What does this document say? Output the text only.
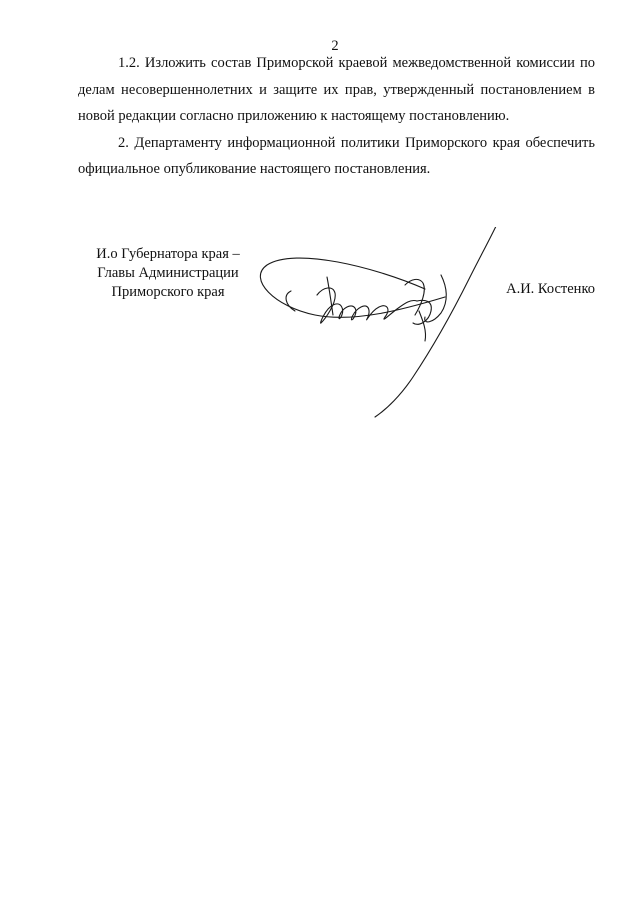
2

1.2. Изложить состав Приморской краевой межведомственной комиссии по делам несовершеннолетних и защите их прав, утвержденный постановлением в новой редакции согласно приложению к настоящему постановлению.

2. Департаменту информационной политики Приморского края обеспечить официальное опубликование настоящего постановления.

И.о Губернатора края –
Главы Администрации
Приморского края	А.И. Костенко
